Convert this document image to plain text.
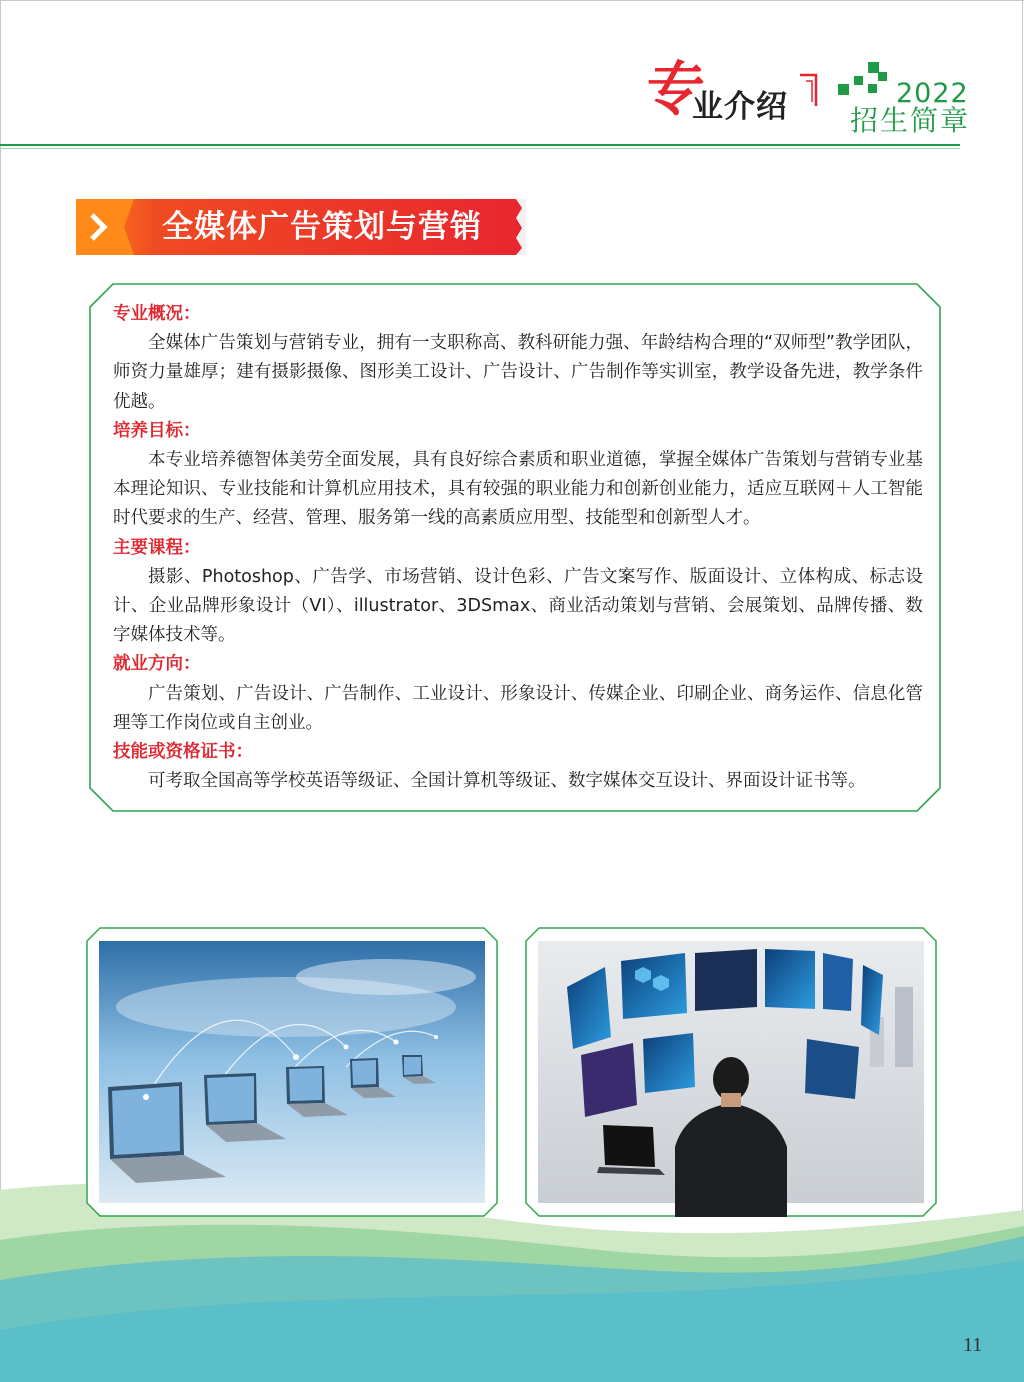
专
业介绍	2022
招生简章
全媒体广告策划与营销
专业概况：
全媒体广告策划与营销专业，拥有一支职称高、教科研能力强、年龄结构合理的“双师型”教学团队，师资力量雄厚；建有摄影摄像、图形美工设计、广告设计、广告制作等实训室，教学设备先进，教学条件优越。
培养目标：
本专业培养德智体美劳全面发展，具有良好综合素质和职业道德，掌握全媒体广告策划与营销专业基本理论知识、专业技能和计算机应用技术，具有较强的职业能力和创新创业能力，适应互联网＋人工智能时代要求的生产、经营、管理、服务第一线的高素质应用型、技能型和创新型人才。
主要课程：
摄影、Photoshop、广告学、市场营销、设计色彩、广告文案写作、版面设计、立体构成、标志设计、企业品牌形象设计（VI）、illustrator、3DSmax、商业活动策划与营销、会展策划、品牌传播、数字媒体技术等。
就业方向：
广告策划、广告设计、广告制作、工业设计、形象设计、传媒企业、印刷企业、商务运作、信息化管理等工作岗位或自主创业。
技能或资格证书：
可考取全国高等学校英语等级证、全国计算机等级证、数字媒体交互设计、界面设计证书等。
11
